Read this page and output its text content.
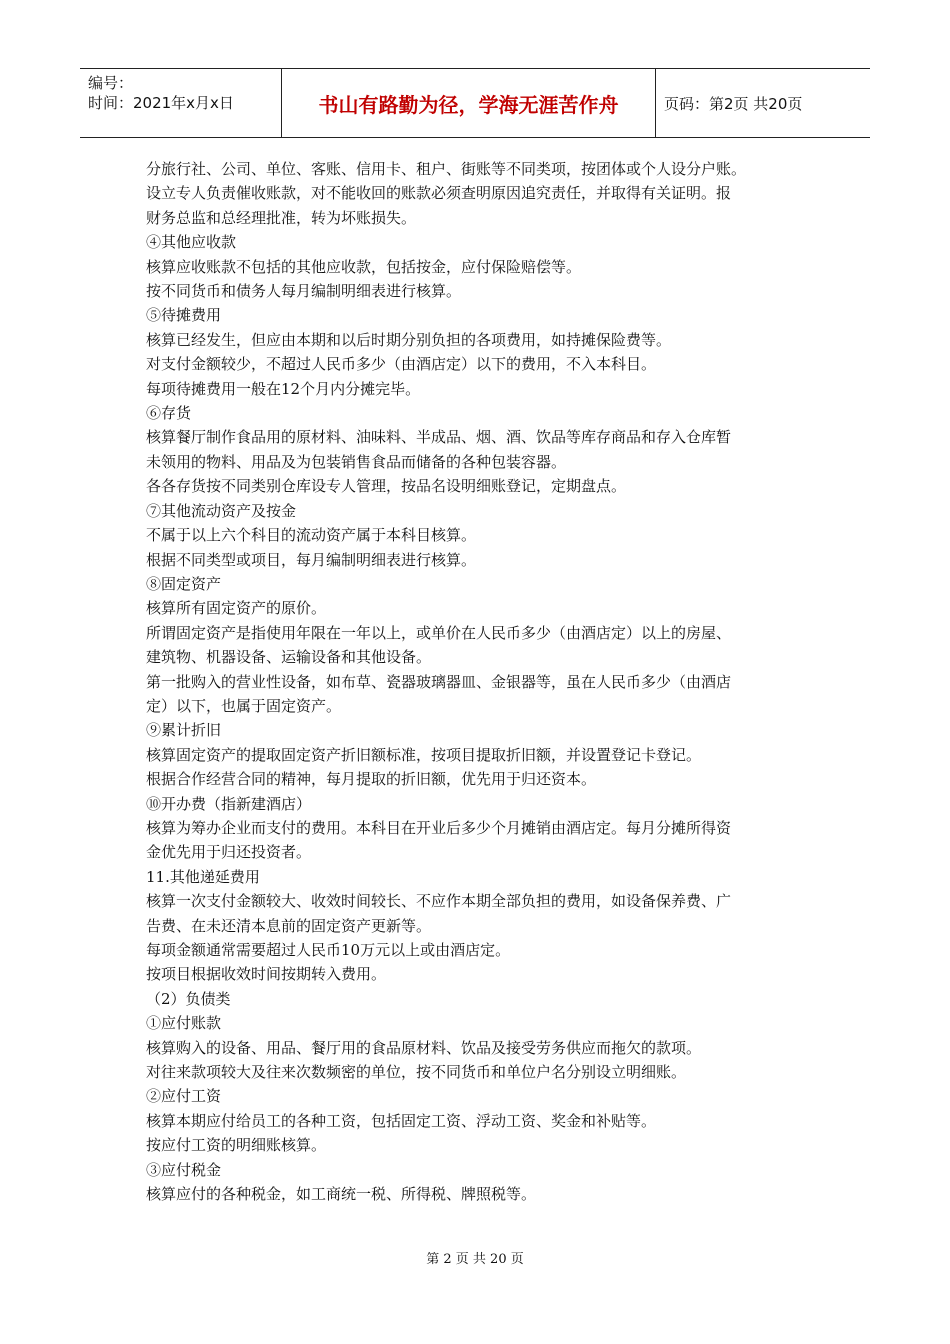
编号：
时间：2021年x月x日	书山有路勤为径，学海无涯苦作舟	页码：第2页 共20页

分旅行社、公司、单位、客账、信用卡、租户、街账等不同类项，按团体或个人设分户账。

设立专人负责催收账款，对不能收回的账款必须查明原因追究责任，并取得有关证明。报

财务总监和总经理批准，转为坏账损失。

④其他应收款

核算应收账款不包括的其他应收款，包括按金，应付保险赔偿等。

按不同货币和债务人每月编制明细表进行核算。

⑤待摊费用

核算已经发生，但应由本期和以后时期分别负担的各项费用，如持摊保险费等。

对支付金额较少，不超过人民币多少（由酒店定）以下的费用，不入本科目。

每项待摊费用一般在12个月内分摊完毕。

⑥存货

核算餐厅制作食品用的原材料、油味料、半成品、烟、酒、饮品等库存商品和存入仓库暂

未领用的物料、用品及为包装销售食品而储备的各种包装容器。

各各存货按不同类别仓库设专人管理，按品名设明细账登记，定期盘点。

⑦其他流动资产及按金

不属于以上六个科目的流动资产属于本科目核算。

根据不同类型或项目，每月编制明细表进行核算。

⑧固定资产

核算所有固定资产的原价。

所谓固定资产是指使用年限在一年以上，或单价在人民币多少（由酒店定）以上的房屋、

建筑物、机器设备、运输设备和其他设备。

第一批购入的营业性设备，如布草、瓷器玻璃器皿、金银器等，虽在人民币多少（由酒店

定）以下，也属于固定资产。

⑨累计折旧

核算固定资产的提取固定资产折旧额标准，按项目提取折旧额，并设置登记卡登记。

根据合作经营合同的精神，每月提取的折旧额，优先用于归还资本。

⑩开办费（指新建酒店）

核算为筹办企业而支付的费用。本科目在开业后多少个月摊销由酒店定。每月分摊所得资

金优先用于归还投资者。

11.其他递延费用

核算一次支付金额较大、收效时间较长、不应作本期全部负担的费用，如设备保养费、广

告费、在未还清本息前的固定资产更新等。

每项金额通常需要超过人民币10万元以上或由酒店定。

按项目根据收效时间按期转入费用。

（2）负债类

①应付账款

核算购入的设备、用品、餐厅用的食品原材料、饮品及接受劳务供应而拖欠的款项。

对往来款项较大及往来次数频密的单位，按不同货币和单位户名分别设立明细账。

②应付工资

核算本期应付给员工的各种工资，包括固定工资、浮动工资、奖金和补贴等。

按应付工资的明细账核算。

③应付税金

核算应付的各种税金，如工商统一税、所得税、牌照税等。

第 2 页 共 20 页
